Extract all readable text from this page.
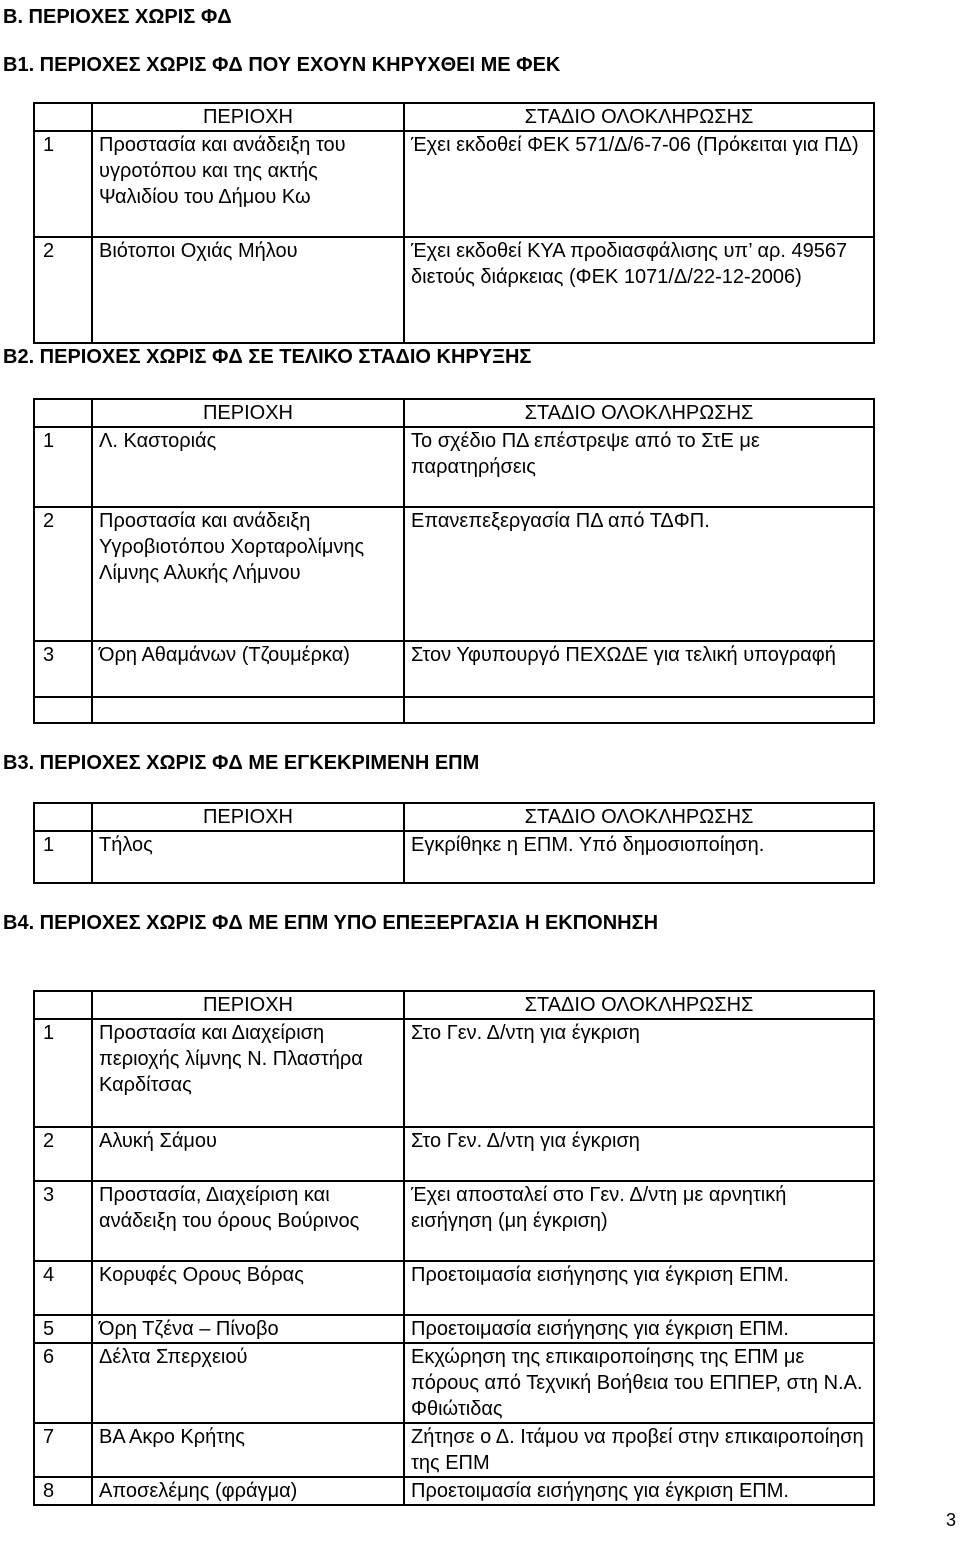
B. ΠΕΡΙΟΧΕΣ ΧΩΡΙΣ ΦΔ
B1. ΠΕΡΙΟΧΕΣ ΧΩΡΙΣ ΦΔ ΠΟΥ ΕΧΟΥΝ ΚΗΡΥΧΘΕΙ ΜΕ ΦΕΚ
	ΠΕΡΙΟΧΗ	ΣΤΑΔΙΟ ΟΛΟΚΛΗΡΩΣΗΣ
1	Προστασία και ανάδειξη του υγροτόπου και της ακτής Ψαλιδίου του Δήμου Κω	Έχει εκδοθεί ΦΕΚ 571/Δ/6-7-06 (Πρόκειται για ΠΔ)
2	Βιότοποι Οχιάς Μήλου	Έχει εκδοθεί ΚΥΑ προδιασφάλισης υπ’ αρ. 49567 διετούς διάρκειας (ΦΕΚ 1071/Δ/22-12-2006)
B2. ΠΕΡΙΟΧΕΣ ΧΩΡΙΣ ΦΔ ΣΕ ΤΕΛΙΚΟ ΣΤΑΔΙΟ ΚΗΡΥΞΗΣ
	ΠΕΡΙΟΧΗ	ΣΤΑΔΙΟ ΟΛΟΚΛΗΡΩΣΗΣ
1	Λ. Καστοριάς	Το σχέδιο ΠΔ επέστρεψε από το ΣτΕ με παρατηρήσεις
2	Προστασία και ανάδειξη Υγροβιοτόπου Χορταρολίμνης Λίμνης Αλυκής Λήμνου	Επανεπεξεργασία ΠΔ από ΤΔΦΠ.
3	Όρη Αθαμάνων (Τζουμέρκα)	Στον Υφυπουργό ΠΕΧΩΔΕ για τελική υπογραφή

B3. ΠΕΡΙΟΧΕΣ ΧΩΡΙΣ ΦΔ ΜΕ ΕΓΚΕΚΡΙΜΕΝΗ ΕΠΜ
	ΠΕΡΙΟΧΗ	ΣΤΑΔΙΟ ΟΛΟΚΛΗΡΩΣΗΣ
1	Τήλος	Εγκρίθηκε η ΕΠΜ. Υπό δημοσιοποίηση.
B4. ΠΕΡΙΟΧΕΣ ΧΩΡΙΣ ΦΔ ΜΕ ΕΠΜ ΥΠΟ ΕΠΕΞΕΡΓΑΣΙΑ Η ΕΚΠΟΝΗΣΗ
	ΠΕΡΙΟΧΗ	ΣΤΑΔΙΟ ΟΛΟΚΛΗΡΩΣΗΣ
1	Προστασία και Διαχείριση περιοχής λίμνης Ν. Πλαστήρα Καρδίτσας	Στο Γεν. Δ/ντη για έγκριση
2	Αλυκή Σάμου	Στο Γεν. Δ/ντη για έγκριση
3	Προστασία, Διαχείριση και ανάδειξη του όρους Βούρινος	Έχει αποσταλεί στο Γεν. Δ/ντη με αρνητική εισήγηση (μη έγκριση)
4	Κορυφές Ορους Βόρας	Προετοιμασία εισήγησης για έγκριση ΕΠΜ.
5	Όρη Τζένα – Πίνοβο	Προετοιμασία εισήγησης για έγκριση ΕΠΜ.
6	Δέλτα Σπερχειού	Εκχώρηση της επικαιροποίησης της ΕΠΜ με πόρους από Τεχνική Βοήθεια του ΕΠΠΕΡ, στη Ν.Α. Φθιώτιδας
7	ΒΑ Ακρο Κρήτης	Ζήτησε ο Δ. Ιτάμου να προβεί στην επικαιροποίηση της ΕΠΜ
8	Αποσελέμης (φράγμα)	Προετοιμασία εισήγησης για έγκριση ΕΠΜ.
3
